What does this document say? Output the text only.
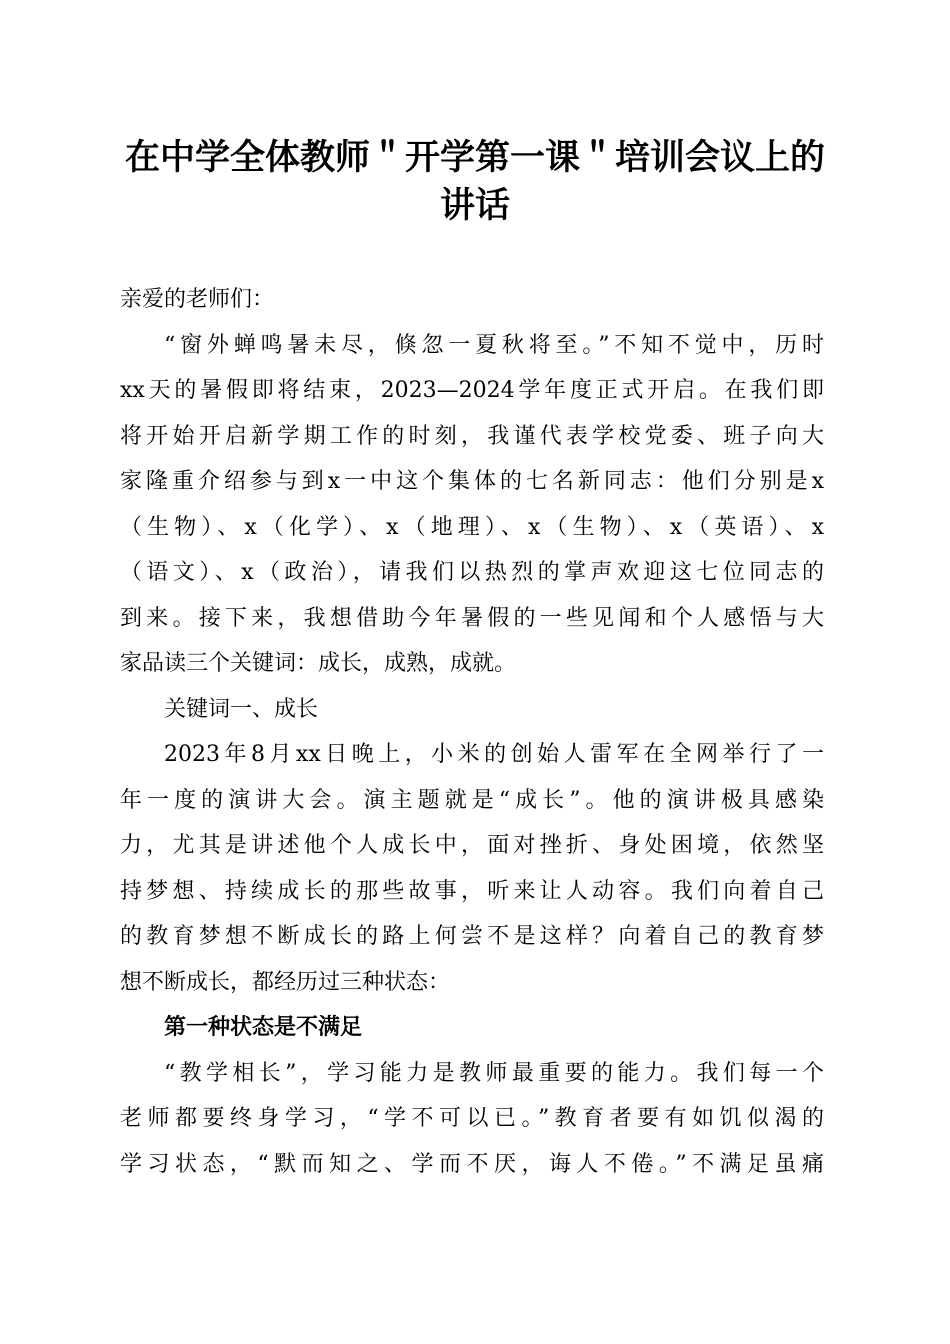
在中学全体教师＂开学第一课＂培训会议上的
讲话
亲爱的老师们：
“窗外蝉鸣暑未尽，倏忽一夏秋将至。”不知不觉中，历时
xx天的暑假即将结束，2023—2024学年度正式开启。在我们即
将开始开启新学期工作的时刻，我谨代表学校党委、班子向大
家隆重介绍参与到x一中这个集体的七名新同志：他们分别是x
（生物）、x（化学）、x（地理）、x（生物）、x（英语）、x
（语文）、x（政治），请我们以热烈的掌声欢迎这七位同志的
到来。接下来，我想借助今年暑假的一些见闻和个人感悟与大
家品读三个关键词：成长，成熟，成就。
关键词一、成长
2023年8月xx日晚上，小米的创始人雷军在全网举行了一
年一度的演讲大会。演主题就是“成长”。他的演讲极具感染
力，尤其是讲述他个人成长中，面对挫折、身处困境，依然坚
持梦想、持续成长的那些故事，听来让人动容。我们向着自己
的教育梦想不断成长的路上何尝不是这样？向着自己的教育梦
想不断成长，都经历过三种状态：
第一种状态是不满足
“教学相长”，学习能力是教师最重要的能力。我们每一个
老师都要终身学习，“学不可以已。”教育者要有如饥似渴的
学习状态，“默而知之、学而不厌，诲人不倦。”不满足虽痛
